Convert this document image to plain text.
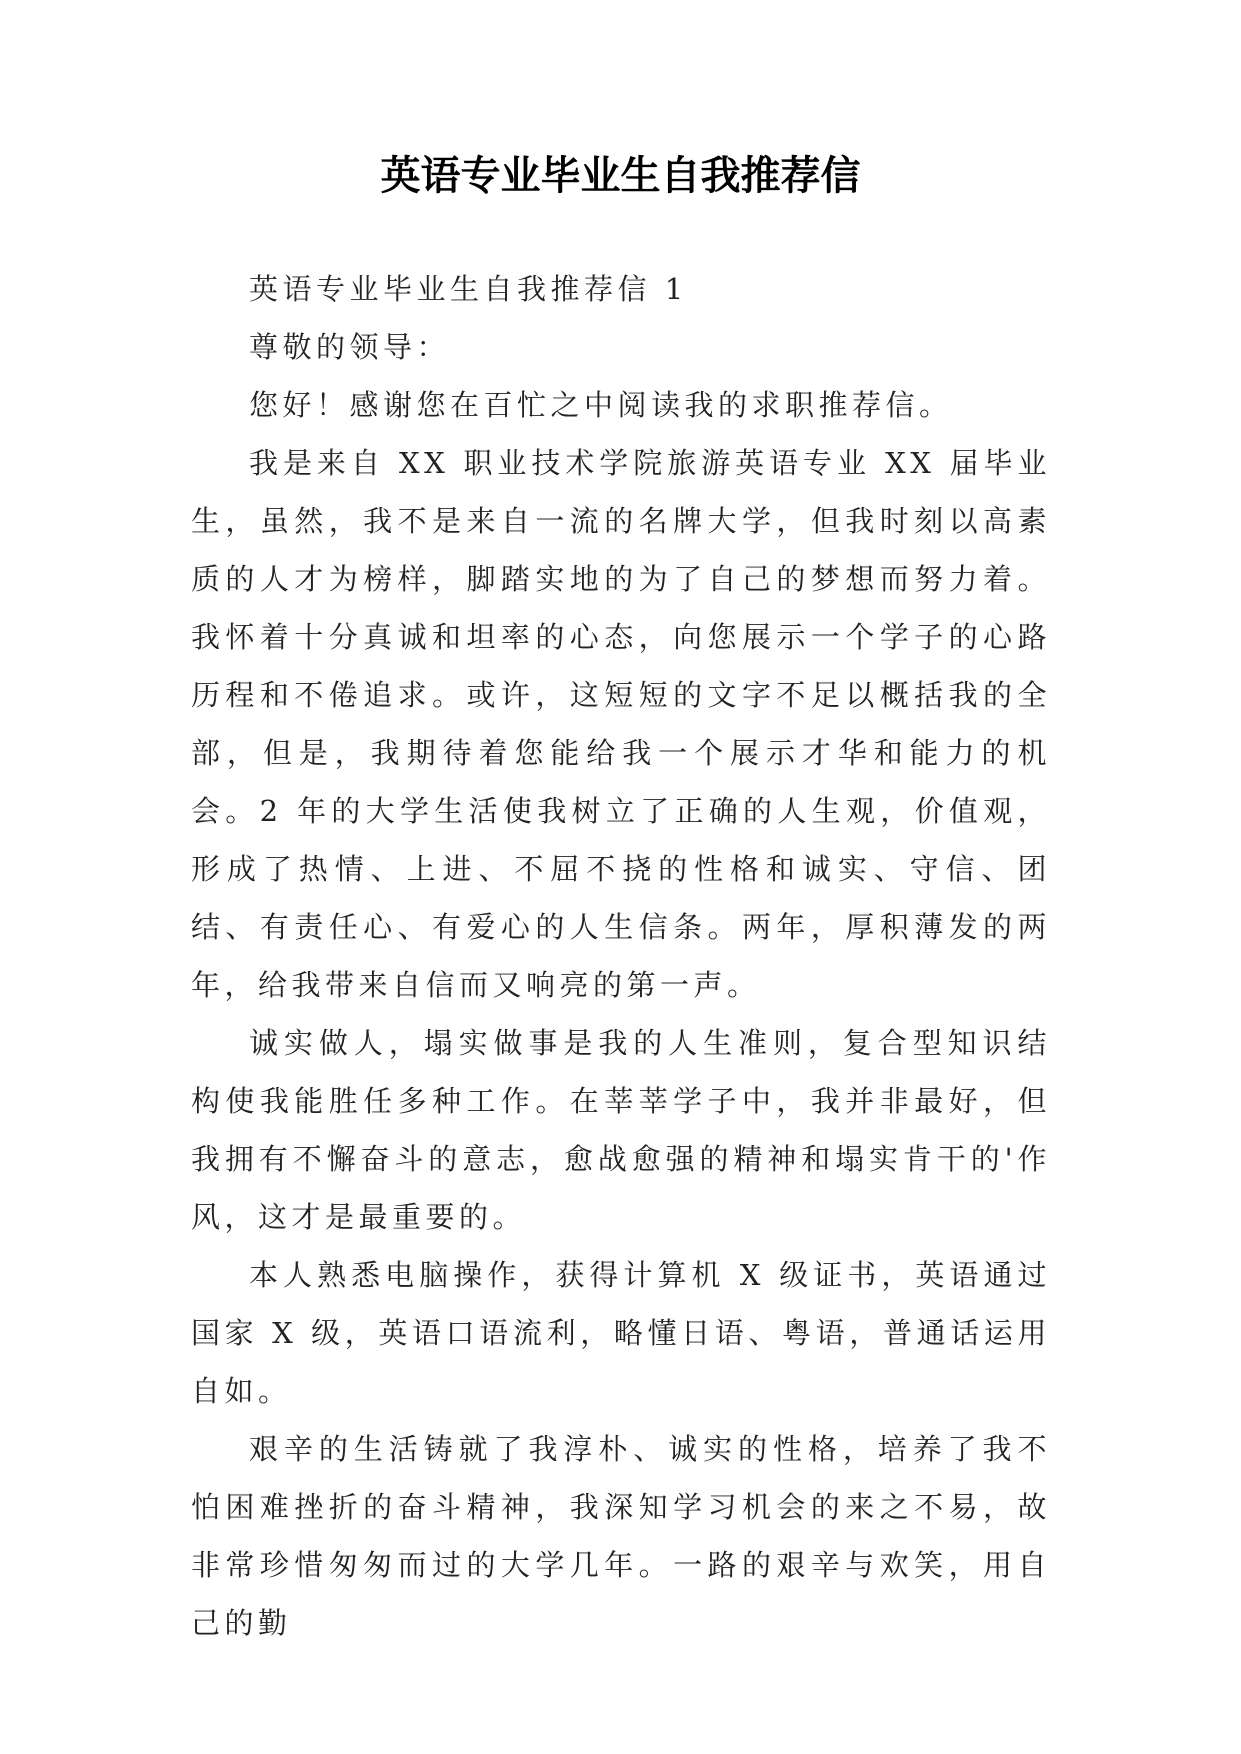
英语专业毕业生自我推荐信

英语专业毕业生自我推荐信 1

尊敬的领导：

您好！感谢您在百忙之中阅读我的求职推荐信。

我是来自 XX 职业技术学院旅游英语专业 XX 届毕业生，虽然，我不是来自一流的名牌大学，但我时刻以高素质的人才为榜样，脚踏实地的为了自己的梦想而努力着。我怀着十分真诚和坦率的心态，向您展示一个学子的心路历程和不倦追求。或许，这短短的文字不足以概括我的全部，但是，我期待着您能给我一个展示才华和能力的机会。2 年的大学生活使我树立了正确的人生观，价值观，形成了热情、上进、不屈不挠的性格和诚实、守信、团结、有责任心、有爱心的人生信条。两年，厚积薄发的两年，给我带来自信而又响亮的第一声。

诚实做人，塌实做事是我的人生准则，复合型知识结构使我能胜任多种工作。在莘莘学子中，我并非最好，但我拥有不懈奋斗的意志，愈战愈强的精神和塌实肯干的'作风，这才是最重要的。

本人熟悉电脑操作，获得计算机 X 级证书，英语通过国家 X 级，英语口语流利，略懂日语、粤语，普通话运用自如。

艰辛的生活铸就了我淳朴、诚实的性格，培养了我不怕困难挫折的奋斗精神，我深知学习机会的来之不易，故非常珍惜匆匆而过的大学几年。一路的艰辛与欢笑，用自己的勤
